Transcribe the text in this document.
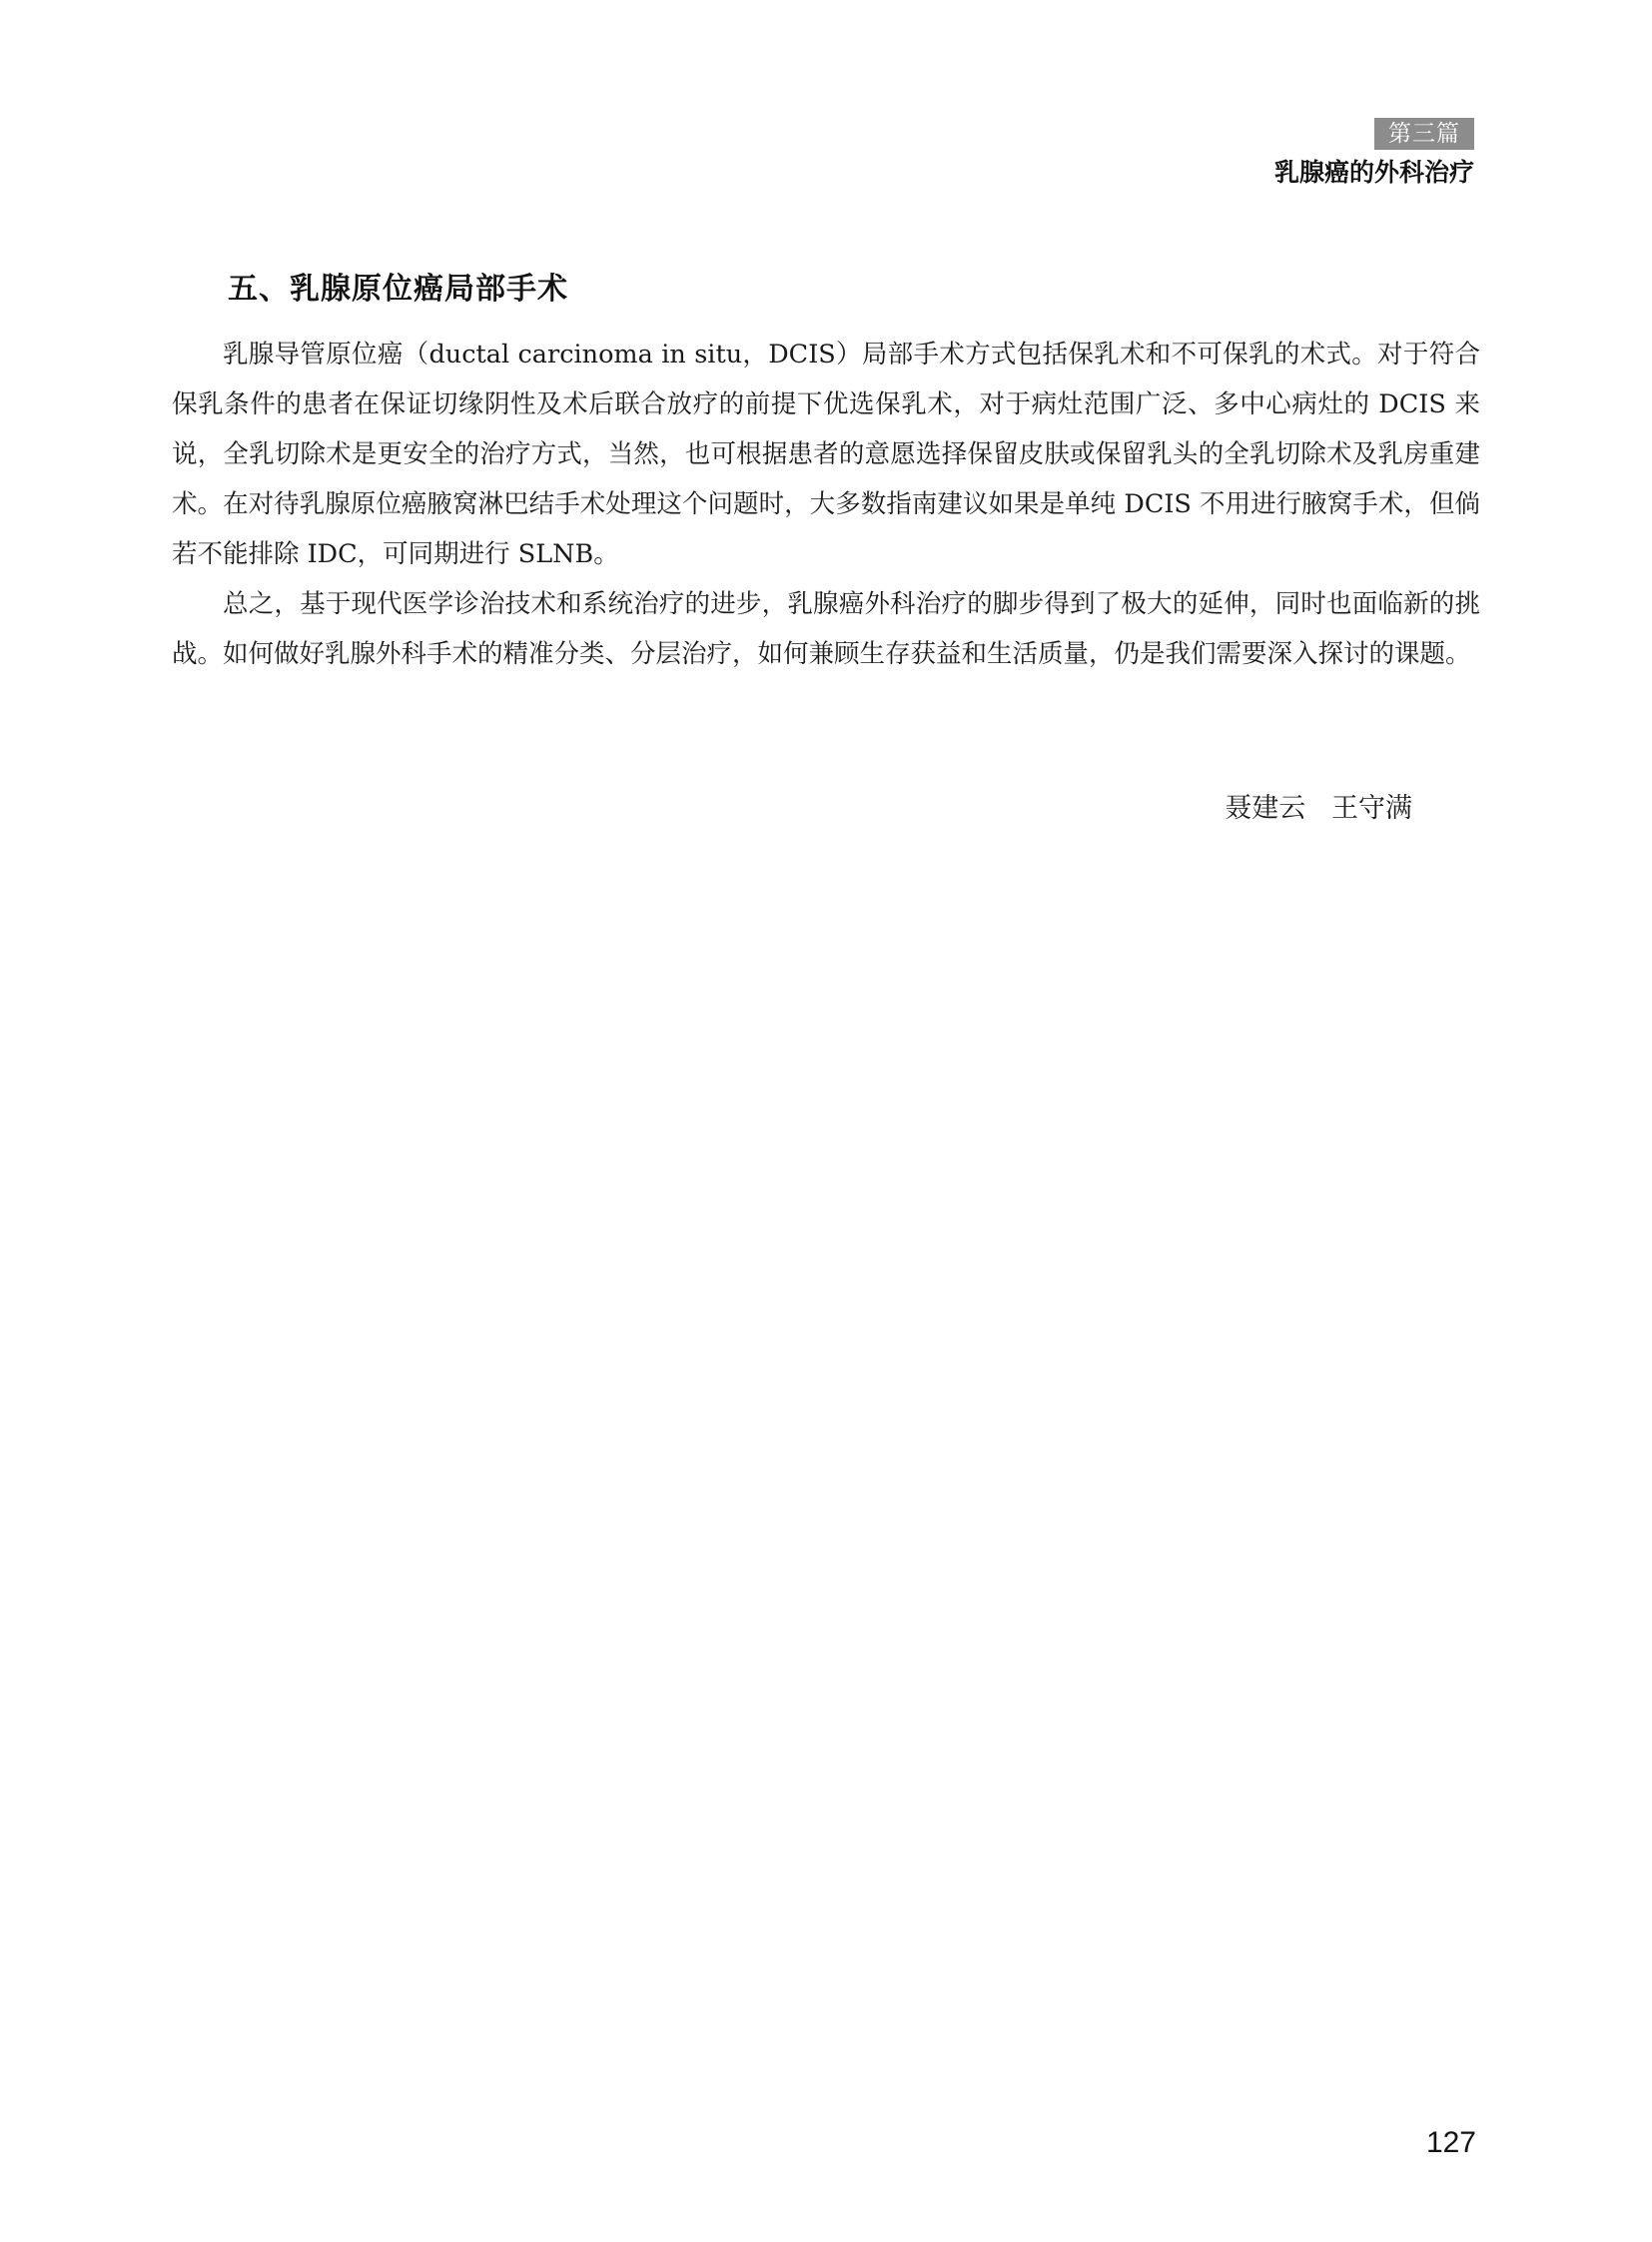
第三篇
乳腺癌的外科治疗
五、乳腺原位癌局部手术

乳腺导管原位癌（ductal carcinoma in situ，DCIS）局部手术方式包括保乳术和不可保乳的术式。对于符合保乳条件的患者在保证切缘阴性及术后联合放疗的前提下优选保乳术，对于病灶范围广泛、多中心病灶的 DCIS 来说，全乳切除术是更安全的治疗方式，当然，也可根据患者的意愿选择保留皮肤或保留乳头的全乳切除术及乳房重建术。在对待乳腺原位癌腋窝淋巴结手术处理这个问题时，大多数指南建议如果是单纯 DCIS 不用进行腋窝手术，但倘若不能排除 IDC，可同期进行 SLNB。

总之，基于现代医学诊治技术和系统治疗的进步，乳腺癌外科治疗的脚步得到了极大的延伸，同时也面临新的挑战。如何做好乳腺外科手术的精准分类、分层治疗，如何兼顾生存获益和生活质量，仍是我们需要深入探讨的课题。

聂建云   王守满
127
